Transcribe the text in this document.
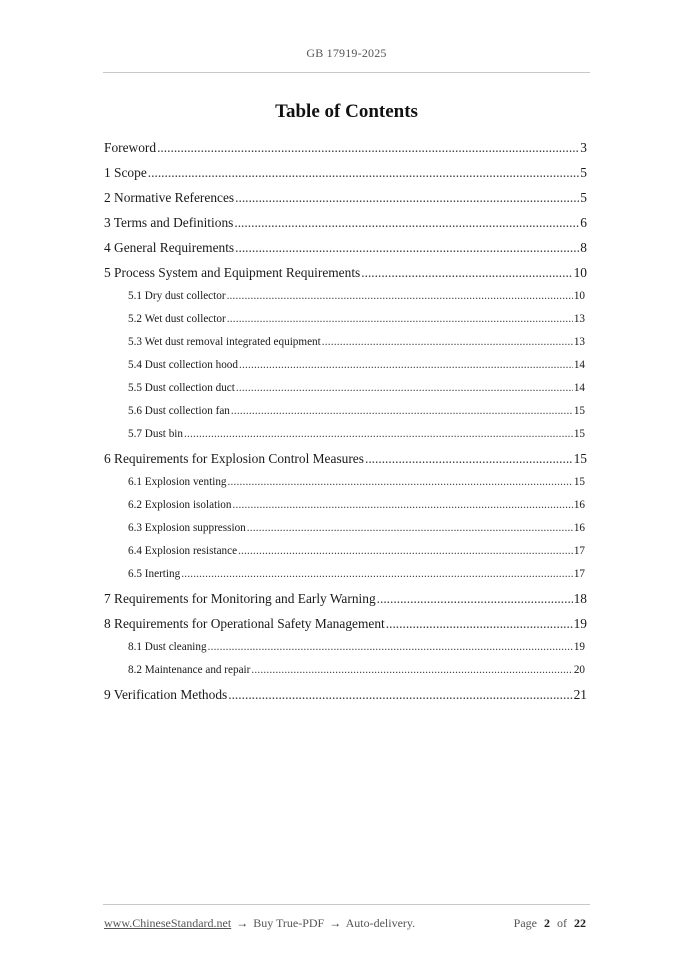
GB 17919-2025
Table of Contents
Foreword .....	3
1 Scope .....	5
2 Normative References .....	5
3 Terms and Definitions .....	6
4 General Requirements .....	8
5 Process System and Equipment Requirements .....	10
5.1 Dry dust collector .....	10
5.2 Wet dust collector .....	13
5.3 Wet dust removal integrated equipment .....	13
5.4 Dust collection hood .....	14
5.5 Dust collection duct .....	14
5.6 Dust collection fan .....	15
5.7 Dust bin .....	15
6 Requirements for Explosion Control Measures .....	15
6.1 Explosion venting .....	15
6.2 Explosion isolation .....	16
6.3 Explosion suppression .....	16
6.4 Explosion resistance .....	17
6.5 Inerting .....	17
7 Requirements for Monitoring and Early Warning .....	18
8 Requirements for Operational Safety Management .....	19
8.1 Dust cleaning .....	19
8.2 Maintenance and repair .....	20
9 Verification Methods .....	21
www.ChineseStandard.net → Buy True-PDF → Auto-delivery.	Page 2 of 22
